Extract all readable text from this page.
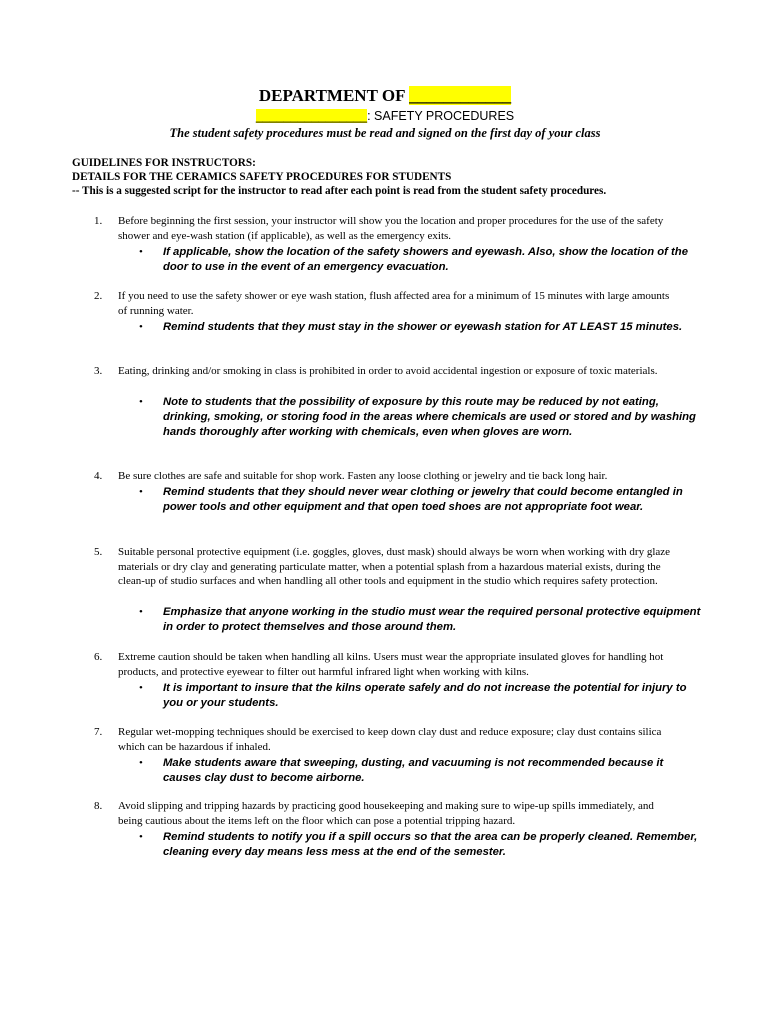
DEPARTMENT OF ____________
________________: SAFETY PROCEDURES
The student safety procedures must be read and signed on the first day of your class
GUIDELINES FOR INSTRUCTORS:
DETAILS FOR THE CERAMICS SAFETY PROCEDURES FOR STUDENTS
-- This is a suggested script for the instructor to read after each point is read from the student safety procedures.
1. Before beginning the first session, your instructor will show you the location and proper procedures for the use of the safety shower and eye-wash station (if applicable), as well as the emergency exits.
• If applicable, show the location of the safety showers and eyewash. Also, show the location of the door to use in the event of an emergency evacuation.
2. If you need to use the safety shower or eye wash station, flush affected area for a minimum of 15 minutes with large amounts of running water.
• Remind students that they must stay in the shower or eyewash station for AT LEAST 15 minutes.
3. Eating, drinking and/or smoking in class is prohibited in order to avoid accidental ingestion or exposure of toxic materials.
• Note to students that the possibility of exposure by this route may be reduced by not eating, drinking, smoking, or storing food in the areas where chemicals are used or stored and by washing hands thoroughly after working with chemicals, even when gloves are worn.
4. Be sure clothes are safe and suitable for shop work. Fasten any loose clothing or jewelry and tie back long hair.
• Remind students that they should never wear clothing or jewelry that could become entangled in power tools and other equipment and that open toed shoes are not appropriate foot wear.
5. Suitable personal protective equipment (i.e. goggles, gloves, dust mask) should always be worn when working with dry glaze materials or dry clay and generating particulate matter, when a potential splash from a hazardous material exists, during the clean-up of studio surfaces and when handling all other tools and equipment in the studio which requires safety protection.
• Emphasize that anyone working in the studio must wear the required personal protective equipment in order to protect themselves and those around them.
6. Extreme caution should be taken when handling all kilns. Users must wear the appropriate insulated gloves for handling hot products, and protective eyewear to filter out harmful infrared light when working with kilns.
• It is important to insure that the kilns operate safely and do not increase the potential for injury to you or your students.
7. Regular wet-mopping techniques should be exercised to keep down clay dust and reduce exposure; clay dust contains silica which can be hazardous if inhaled.
• Make students aware that sweeping, dusting, and vacuuming is not recommended because it causes clay dust to become airborne.
8. Avoid slipping and tripping hazards by practicing good housekeeping and making sure to wipe-up spills immediately, and being cautious about the items left on the floor which can pose a potential tripping hazard.
• Remind students to notify you if a spill occurs so that the area can be properly cleaned. Remember, cleaning every day means less mess at the end of the semester.
